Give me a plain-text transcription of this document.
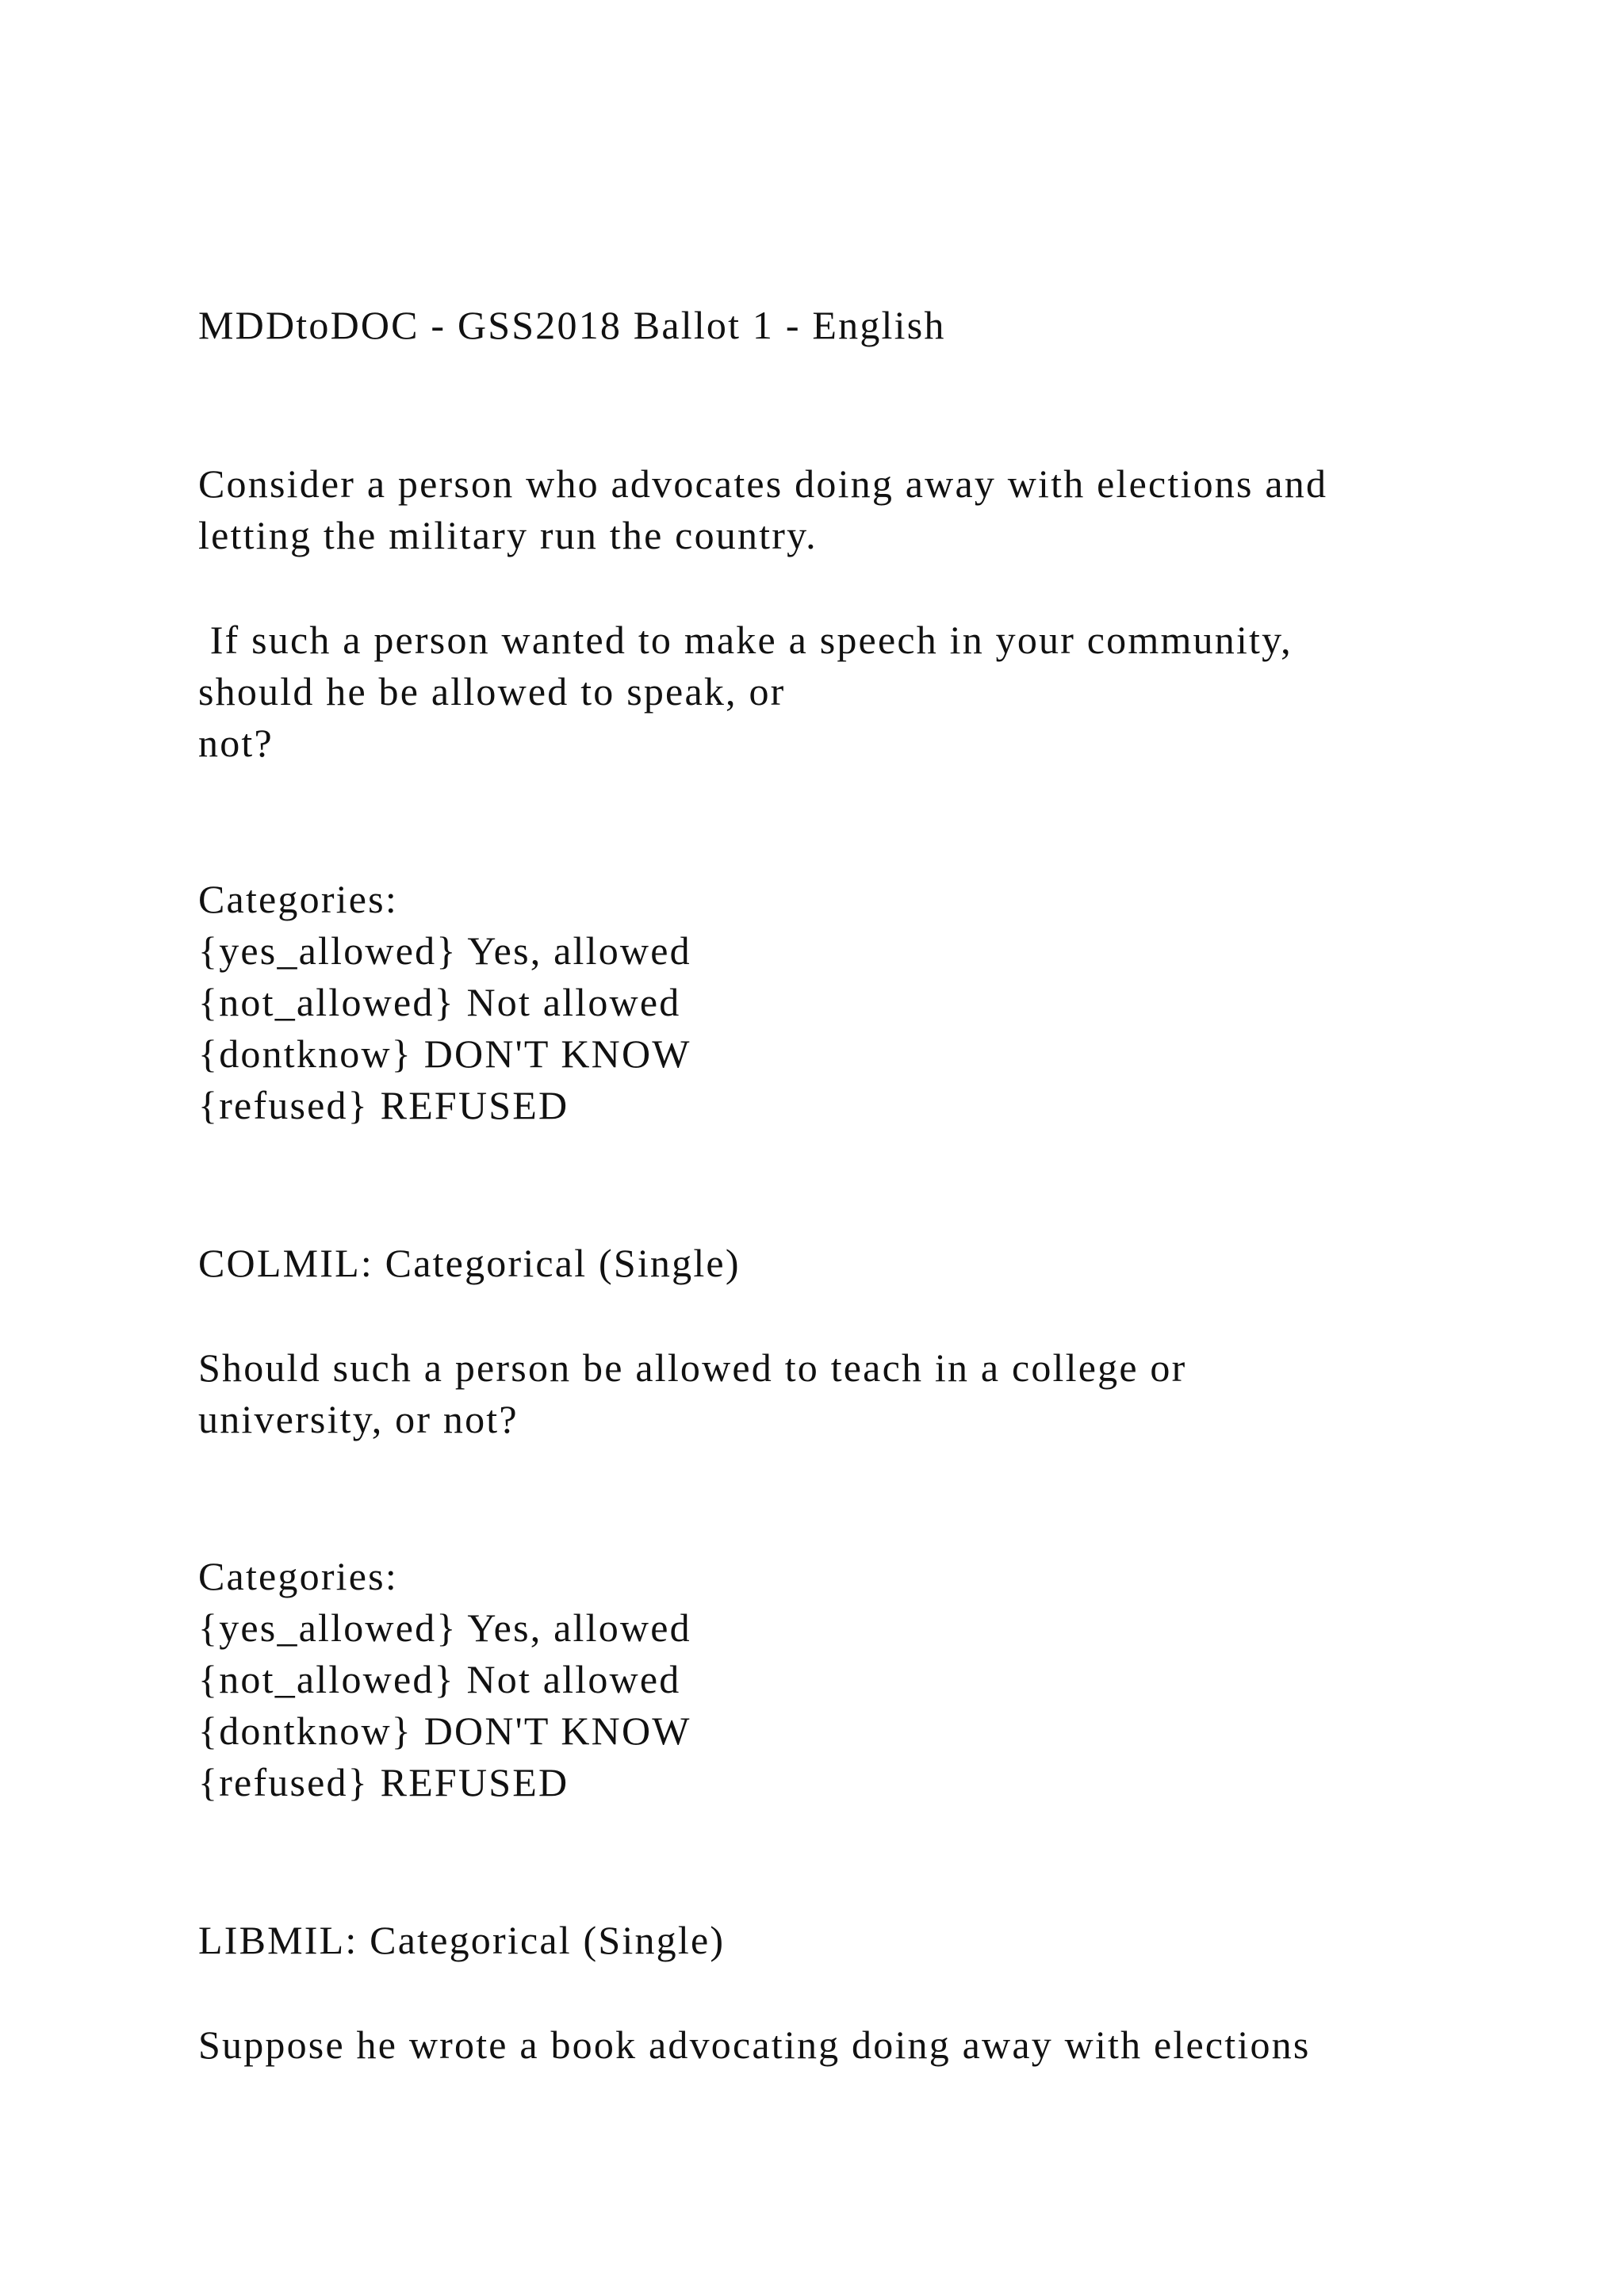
MDDtoDOC - GSS2018 Ballot 1 - English

Consider a person who advocates doing away with elections and

letting the military run the country.

If such a person wanted to make a speech in your community,

should he be allowed to speak, or

not?

Categories:

{yes_allowed} Yes, allowed

{not_allowed} Not allowed

{dontknow} DON'T KNOW

{refused} REFUSED

COLMIL: Categorical (Single)

Should such a person be allowed to teach in a college or

university, or not?

Categories:

{yes_allowed} Yes, allowed

{not_allowed} Not allowed

{dontknow} DON'T KNOW

{refused} REFUSED

LIBMIL: Categorical (Single)

Suppose he wrote a book advocating doing away with elections
